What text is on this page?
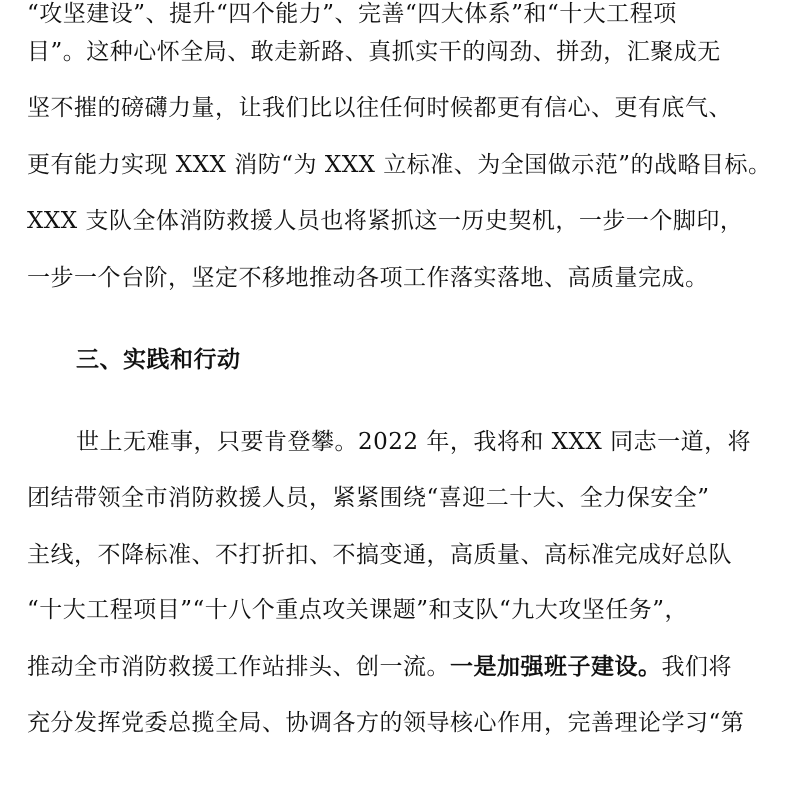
“攻坚建设”、提升“四个能力”、完善“四大体系”和“十大工程项
目”。这种心怀全局、敢走新路、真抓实干的闯劲、拼劲，汇聚成无
坚不摧的磅礴力量，让我们比以往任何时候都更有信心、更有底气、
更有能力实现 XXX 消防“为 XXX 立标准、为全国做示范”的战略目标。
XXX 支队全体消防救援人员也将紧抓这一历史契机，一步一个脚印，
一步一个台阶，坚定不移地推动各项工作落实落地、高质量完成。
三、实践和行动
世上无难事，只要肯登攀。2022 年，我将和 XXX 同志一道，将
团结带领全市消防救援人员，紧紧围绕“喜迎二十大、全力保安全”
主线，不降标准、不打折扣、不搞变通，高质量、高标准完成好总队
“十大工程项目”“十八个重点攻关课题”和支队“九大攻坚任务”，
推动全市消防救援工作站排头、创一流。一是加强班子建设。我们将
充分发挥党委总揽全局、协调各方的领导核心作用，完善理论学习“第
